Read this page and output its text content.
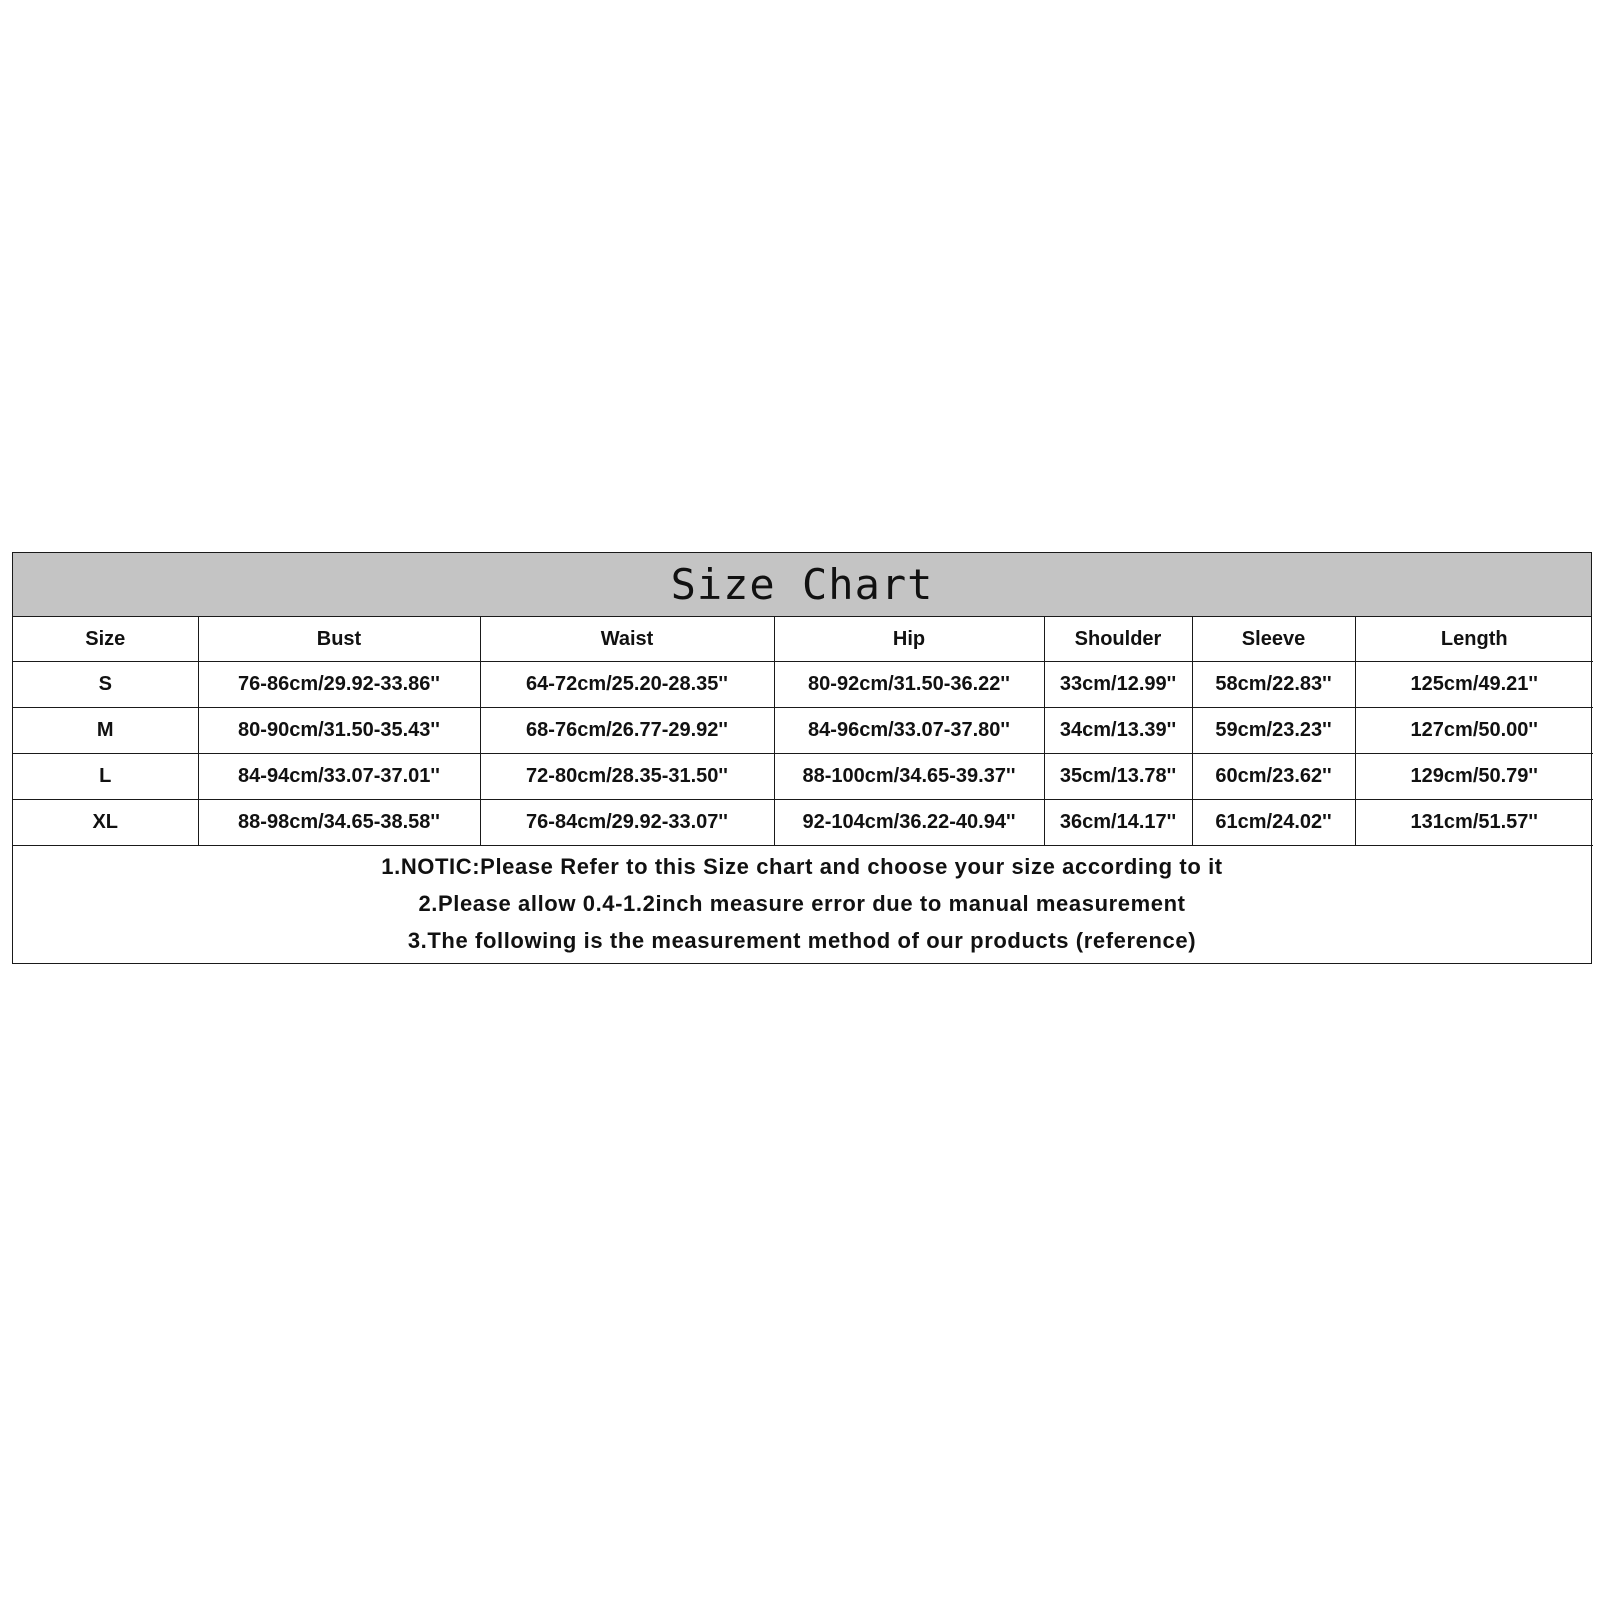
Size Chart
Size	Bust	Waist	Hip	Shoulder	Sleeve	Length
S	76-86cm/29.92-33.86''	64-72cm/25.20-28.35''	80-92cm/31.50-36.22''	33cm/12.99''	58cm/22.83''	125cm/49.21''
M	80-90cm/31.50-35.43''	68-76cm/26.77-29.92''	84-96cm/33.07-37.80''	34cm/13.39''	59cm/23.23''	127cm/50.00''
L	84-94cm/33.07-37.01''	72-80cm/28.35-31.50''	88-100cm/34.65-39.37''	35cm/13.78''	60cm/23.62''	129cm/50.79''
XL	88-98cm/34.65-38.58''	76-84cm/29.92-33.07''	92-104cm/36.22-40.94''	36cm/14.17''	61cm/24.02''	131cm/51.57''
1.NOTIC:Please Refer to this Size chart and choose your size according to it
2.Please allow 0.4-1.2inch measure error due to manual measurement
3.The following is the measurement method of our products (reference)
